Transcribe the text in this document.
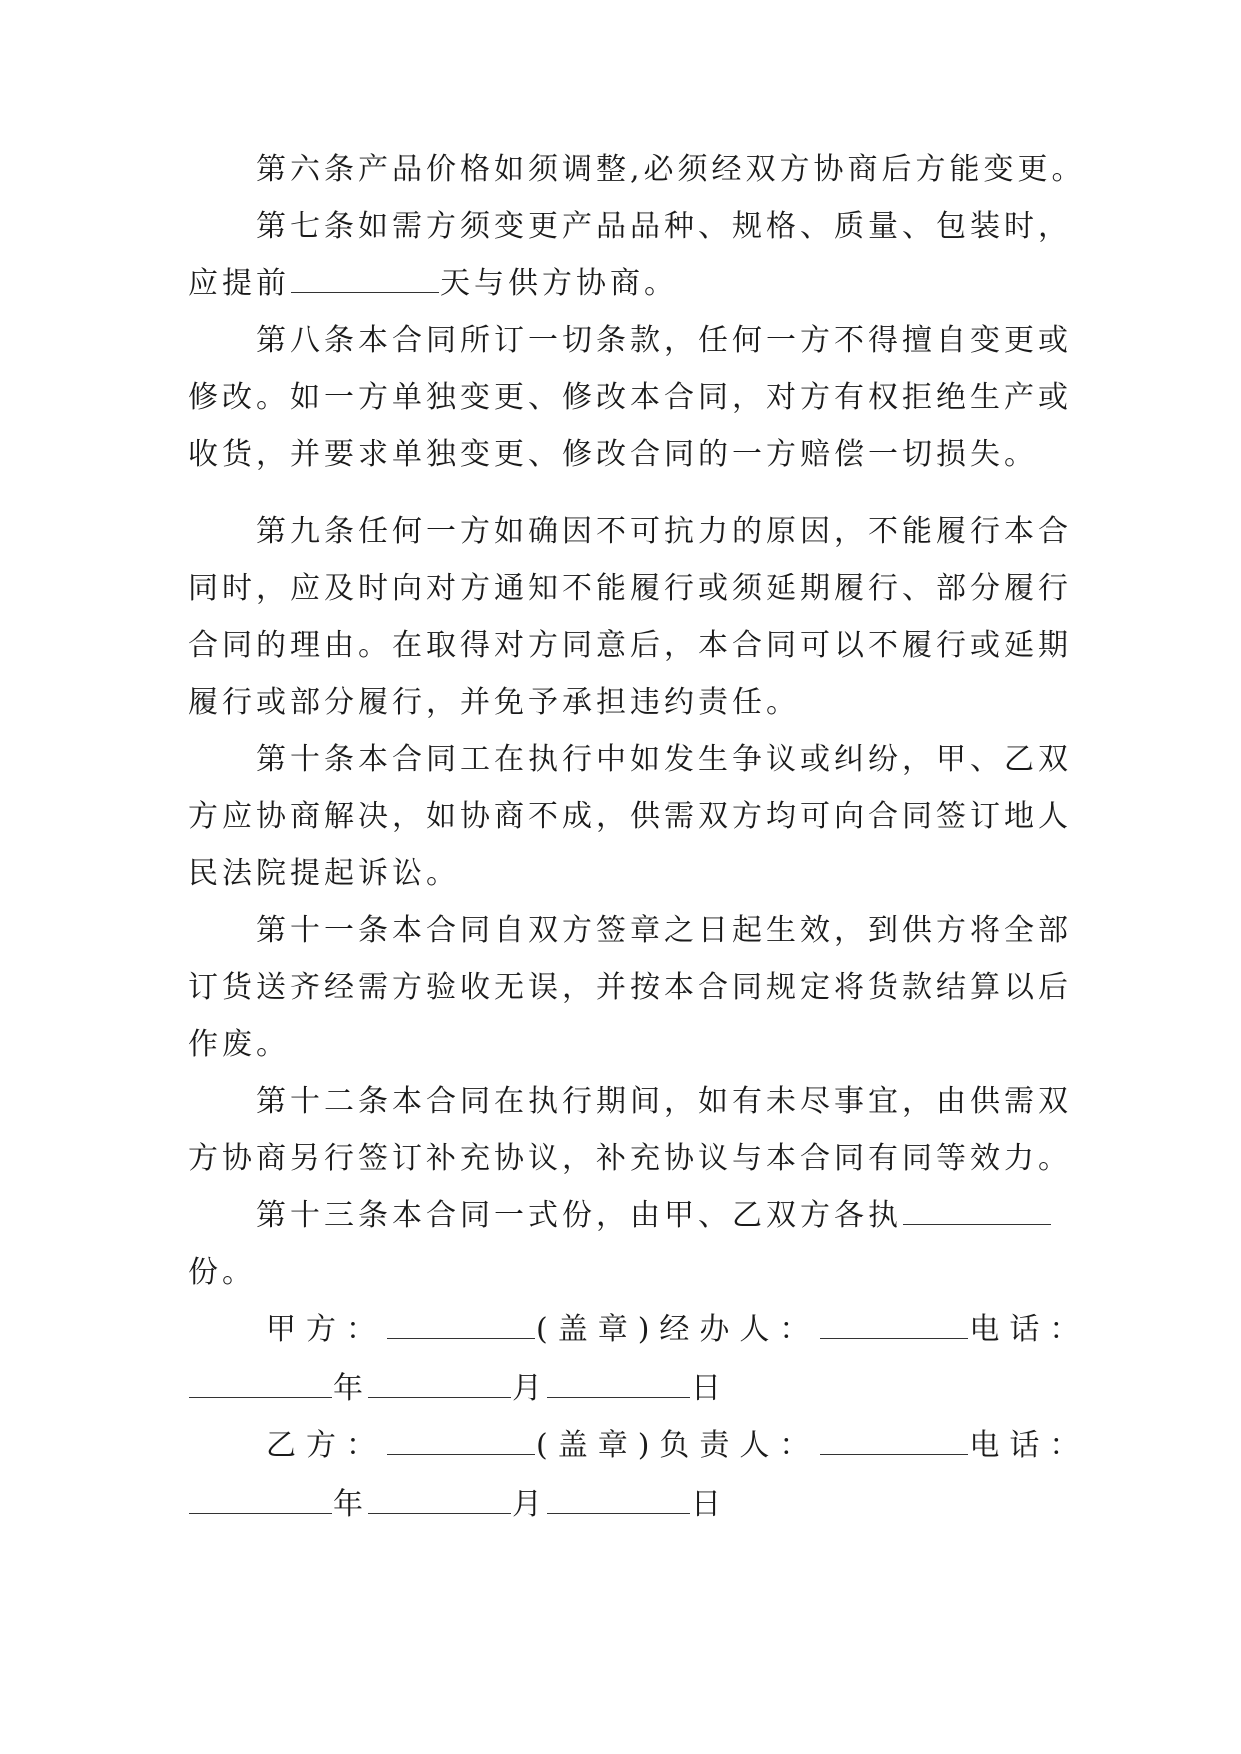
第六条产品价格如须调整,必须经双方协商后方能变更。
第七条如需方须变更产品品种、规格、质量、包装时，
应提前	天与供方协商。
第八条本合同所订一切条款，任何一方不得擅自变更或
修改。如一方单独变更、修改本合同，对方有权拒绝生产或
收货，并要求单独变更、修改合同的一方赔偿一切损失。
第九条任何一方如确因不可抗力的原因，不能履行本合
同时，应及时向对方通知不能履行或须延期履行、部分履行
合同的理由。在取得对方同意后，本合同可以不履行或延期
履行或部分履行，并免予承担违约责任。
第十条本合同工在执行中如发生争议或纠纷，甲、乙双
方应协商解决，如协商不成，供需双方均可向合同签订地人
民法院提起诉讼。
第十一条本合同自双方签章之日起生效，到供方将全部
订货送齐经需方验收无误，并按本合同规定将货款结算以后
作废。
第十二条本合同在执行期间，如有未尽事宜，由供需双
方协商另行签订补充协议，补充协议与本合同有同等效力。
第十三条本合同一式份，由甲、乙双方各执
份。
甲方：	(盖章)经办人：	电话：
年	月	日
乙方：	(盖章)负责人：	电话：
年	月	日
